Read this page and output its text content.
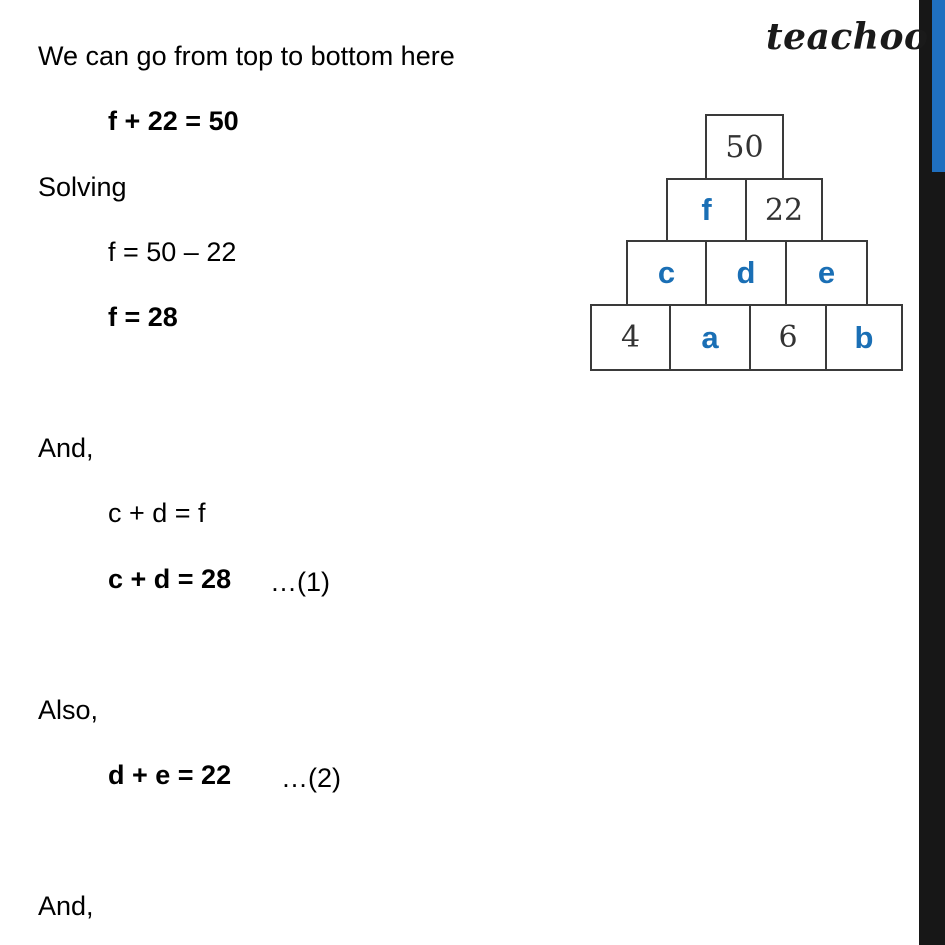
teachoo
We can go from top to bottom here
f + 22 = 50
Solving
f = 50 – 22
f = 28
And,
c + d = f
c + d = 28 …(1)
Also,
d + e = 22 …(2)
And,
50
f 22
c d e
4 a 6 b
